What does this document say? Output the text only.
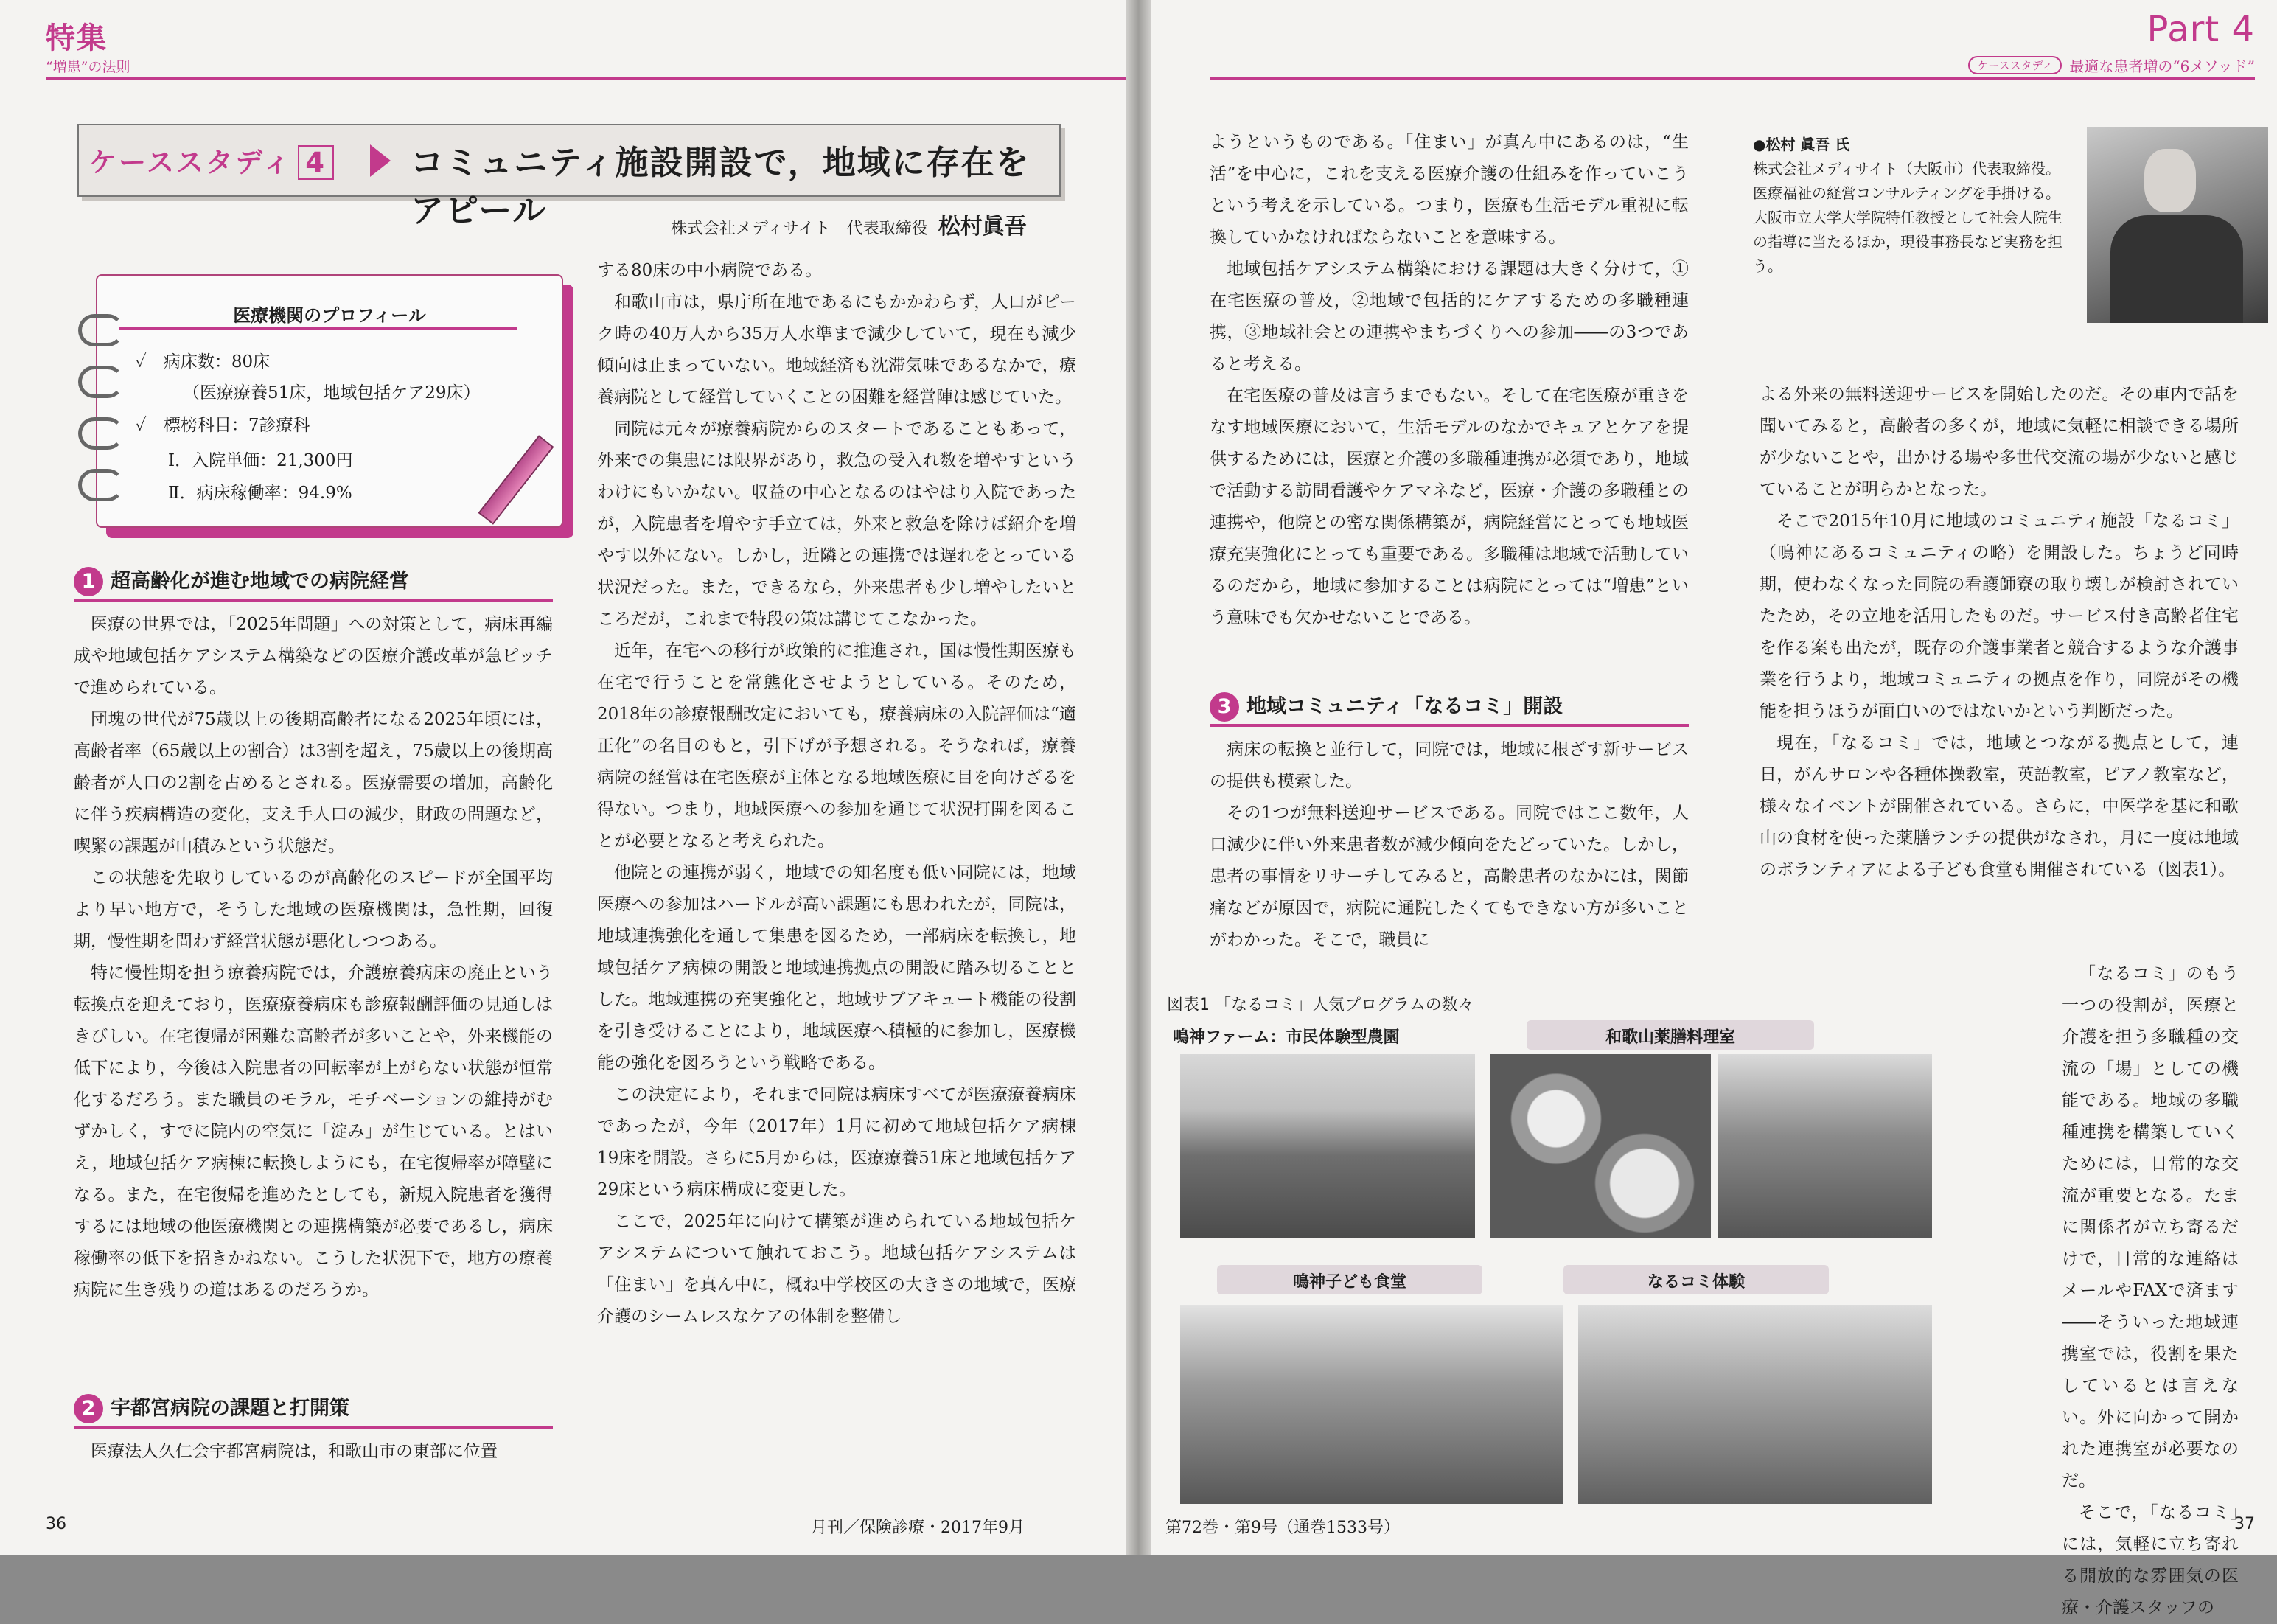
特集
“増患”の法則
ケーススタディ 4	コミュニティ施設開設で，地域に存在をアピール	株式会社メディサイト　代表取締役 松村眞吾
医療機関のプロフィール
✓　病床数：80床
（医療療養51床，地域包括ケア29床）
✓　標榜科目：7診療科
Ⅰ．入院単価：21,300円
Ⅱ．病床稼働率：94.9%
1 超高齢化が進む地域での病院経営

医療の世界では，「2025年問題」への対策として，病床再編成や地域包括ケアシステム構築などの医療介護改革が急ピッチで進められている。

団塊の世代が75歳以上の後期高齢者になる2025年頃には，高齢者率（65歳以上の割合）は3割を超え，75歳以上の後期高齢者が人口の2割を占めるとされる。医療需要の増加，高齢化に伴う疾病構造の変化，支え手人口の減少，財政の問題など，喫緊の課題が山積みという状態だ。

この状態を先取りしているのが高齢化のスピードが全国平均より早い地方で，そうした地域の医療機関は，急性期，回復期，慢性期を問わず経営状態が悪化しつつある。

特に慢性期を担う療養病院では，介護療養病床の廃止という転換点を迎えており，医療療養病床も診療報酬評価の見通しはきびしい。在宅復帰が困難な高齢者が多いことや，外来機能の低下により，今後は入院患者の回転率が上がらない状態が恒常化するだろう。また職員のモラル，モチベーションの維持がむずかしく，すでに院内の空気に「淀み」が生じている。とはいえ，地域包括ケア病棟に転換しようにも，在宅復帰率が障壁になる。また，在宅復帰を進めたとしても，新規入院患者を獲得するには地域の他医療機関との連携構築が必要であるし，病床稼働率の低下を招きかねない。こうした状況下で，地方の療養病院に生き残りの道はあるのだろうか。

2 宇都宮病院の課題と打開策

医療法人久仁会宇都宮病院は，和歌山市の東部に位置

する80床の中小病院である。

和歌山市は，県庁所在地であるにもかかわらず，人口がピーク時の40万人から35万人水準まで減少していて，現在も減少傾向は止まっていない。地域経済も沈滞気味であるなかで，療養病院として経営していくことの困難を経営陣は感じていた。

同院は元々が療養病院からのスタートであることもあって，外来での集患には限界があり，救急の受入れ数を増やすというわけにもいかない。収益の中心となるのはやはり入院であったが，入院患者を増やす手立ては，外来と救急を除けば紹介を増やす以外にない。しかし，近隣との連携では遅れをとっている状況だった。また，できるなら，外来患者も少し増やしたいところだが，これまで特段の策は講じてこなかった。

近年，在宅への移行が政策的に推進され，国は慢性期医療も在宅で行うことを常態化させようとしている。そのため，2018年の診療報酬改定においても，療養病床の入院評価は“適正化”の名目のもと，引下げが予想される。そうなれば，療養病院の経営は在宅医療が主体となる地域医療に目を向けざるを得ない。つまり，地域医療への参加を通じて状況打開を図ることが必要となると考えられた。

他院との連携が弱く，地域での知名度も低い同院には，地域医療への参加はハードルが高い課題にも思われたが，同院は，地域連携強化を通して集患を図るため，一部病床を転換し，地域包括ケア病棟の開設と地域連携拠点の開設に踏み切ることとした。地域連携の充実強化と，地域サブアキュート機能の役割を引き受けることにより，地域医療へ積極的に参加し，医療機能の強化を図ろうという戦略である。

この決定により，それまで同院は病床すべてが医療療養病床であったが，今年（2017年）1月に初めて地域包括ケア病棟19床を開設。さらに5月からは，医療療養51床と地域包括ケア29床という病床構成に変更した。

ここで，2025年に向けて構築が進められている地域包括ケアシステムについて触れておこう。地域包括ケアシステムは「住まい」を真ん中に，概ね中学校区の大きさの地域で，医療介護のシームレスなケアの体制を整備し

36	月刊／保険診療・2017年9月
Part 4
ケーススタディ	最適な患者増の“6メソッド”

ようというものである。「住まい」が真ん中にあるのは，“生活”を中心に，これを支える医療介護の仕組みを作っていこうという考えを示している。つまり，医療も生活モデル重視に転換していかなければならないことを意味する。

地域包括ケアシステム構築における課題は大きく分けて，①在宅医療の普及，②地域で包括的にケアするための多職種連携，③地域社会との連携やまちづくりへの参加――の3つであると考える。

在宅医療の普及は言うまでもない。そして在宅医療が重きをなす地域医療において，生活モデルのなかでキュアとケアを提供するためには，医療と介護の多職種連携が必須であり，地域で活動する訪問看護やケアマネなど，医療・介護の多職種との連携や，他院との密な関係構築が，病院経営にとっても地域医療充実強化にとっても重要である。多職種は地域で活動しているのだから，地域に参加することは病院にとっては“増患”という意味でも欠かせないことである。

3 地域コミュニティ「なるコミ」開設

病床の転換と並行して，同院では，地域に根ざす新サービスの提供も模索した。

その1つが無料送迎サービスである。同院ではここ数年，人口減少に伴い外来患者数が減少傾向をたどっていた。しかし，患者の事情をリサーチしてみると，高齢患者のなかには，関節痛などが原因で，病院に通院したくてもできない方が多いことがわかった。そこで，職員に

●松村 眞吾 氏
株式会社メディサイト（大阪市）代表取締役。医療福祉の経営コンサルティングを手掛ける。大阪市立大学大学院特任教授として社会人院生の指導に当たるほか，現役事務長など実務を担う。

よる外来の無料送迎サービスを開始したのだ。その車内で話を聞いてみると，高齢者の多くが，地域に気軽に相談できる場所が少ないことや，出かける場や多世代交流の場が少ないと感じていることが明らかとなった。

そこで2015年10月に地域のコミュニティ施設「なるコミ」（鳴神にあるコミュニティの略）を開設した。ちょうど同時期，使わなくなった同院の看護師寮の取り壊しが検討されていたため，その立地を活用したものだ。サービス付き高齢者住宅を作る案も出たが，既存の介護事業者と競合するような介護事業を行うより，地域コミュニティの拠点を作り，同院がその機能を担うほうが面白いのではないかという判断だった。

現在，「なるコミ」では，地域とつながる拠点として，連日，がんサロンや各種体操教室，英語教室，ピアノ教室など，様々なイベントが開催されている。さらに，中医学を基に和歌山の食材を使った薬膳ランチの提供がなされ，月に一度は地域のボランティアによる子ども食堂も開催されている（図表1）。

「なるコミ」のもう一つの役割が，医療と介護を担う多職種の交流の「場」としての機能である。地域の多職種連携を構築していくためには，日常的な交流が重要となる。たまに関係者が立ち寄るだけで，日常的な連絡はメールやFAXで済ます――そういった地域連携室では，役割を果たしているとは言えない。外に向かって開かれた連携室が必要なのだ。

そこで，「なるコミ」には，気軽に立ち寄れる開放的な雰囲気の医療・介護スタッフの

図表1 「なるコミ」人気プログラムの数々
鳴神ファーム：市民体験型農園	和歌山薬膳料理室
鳴神子ども食堂	なるコミ体験
第72巻・第9号（通巻1533号）	37
